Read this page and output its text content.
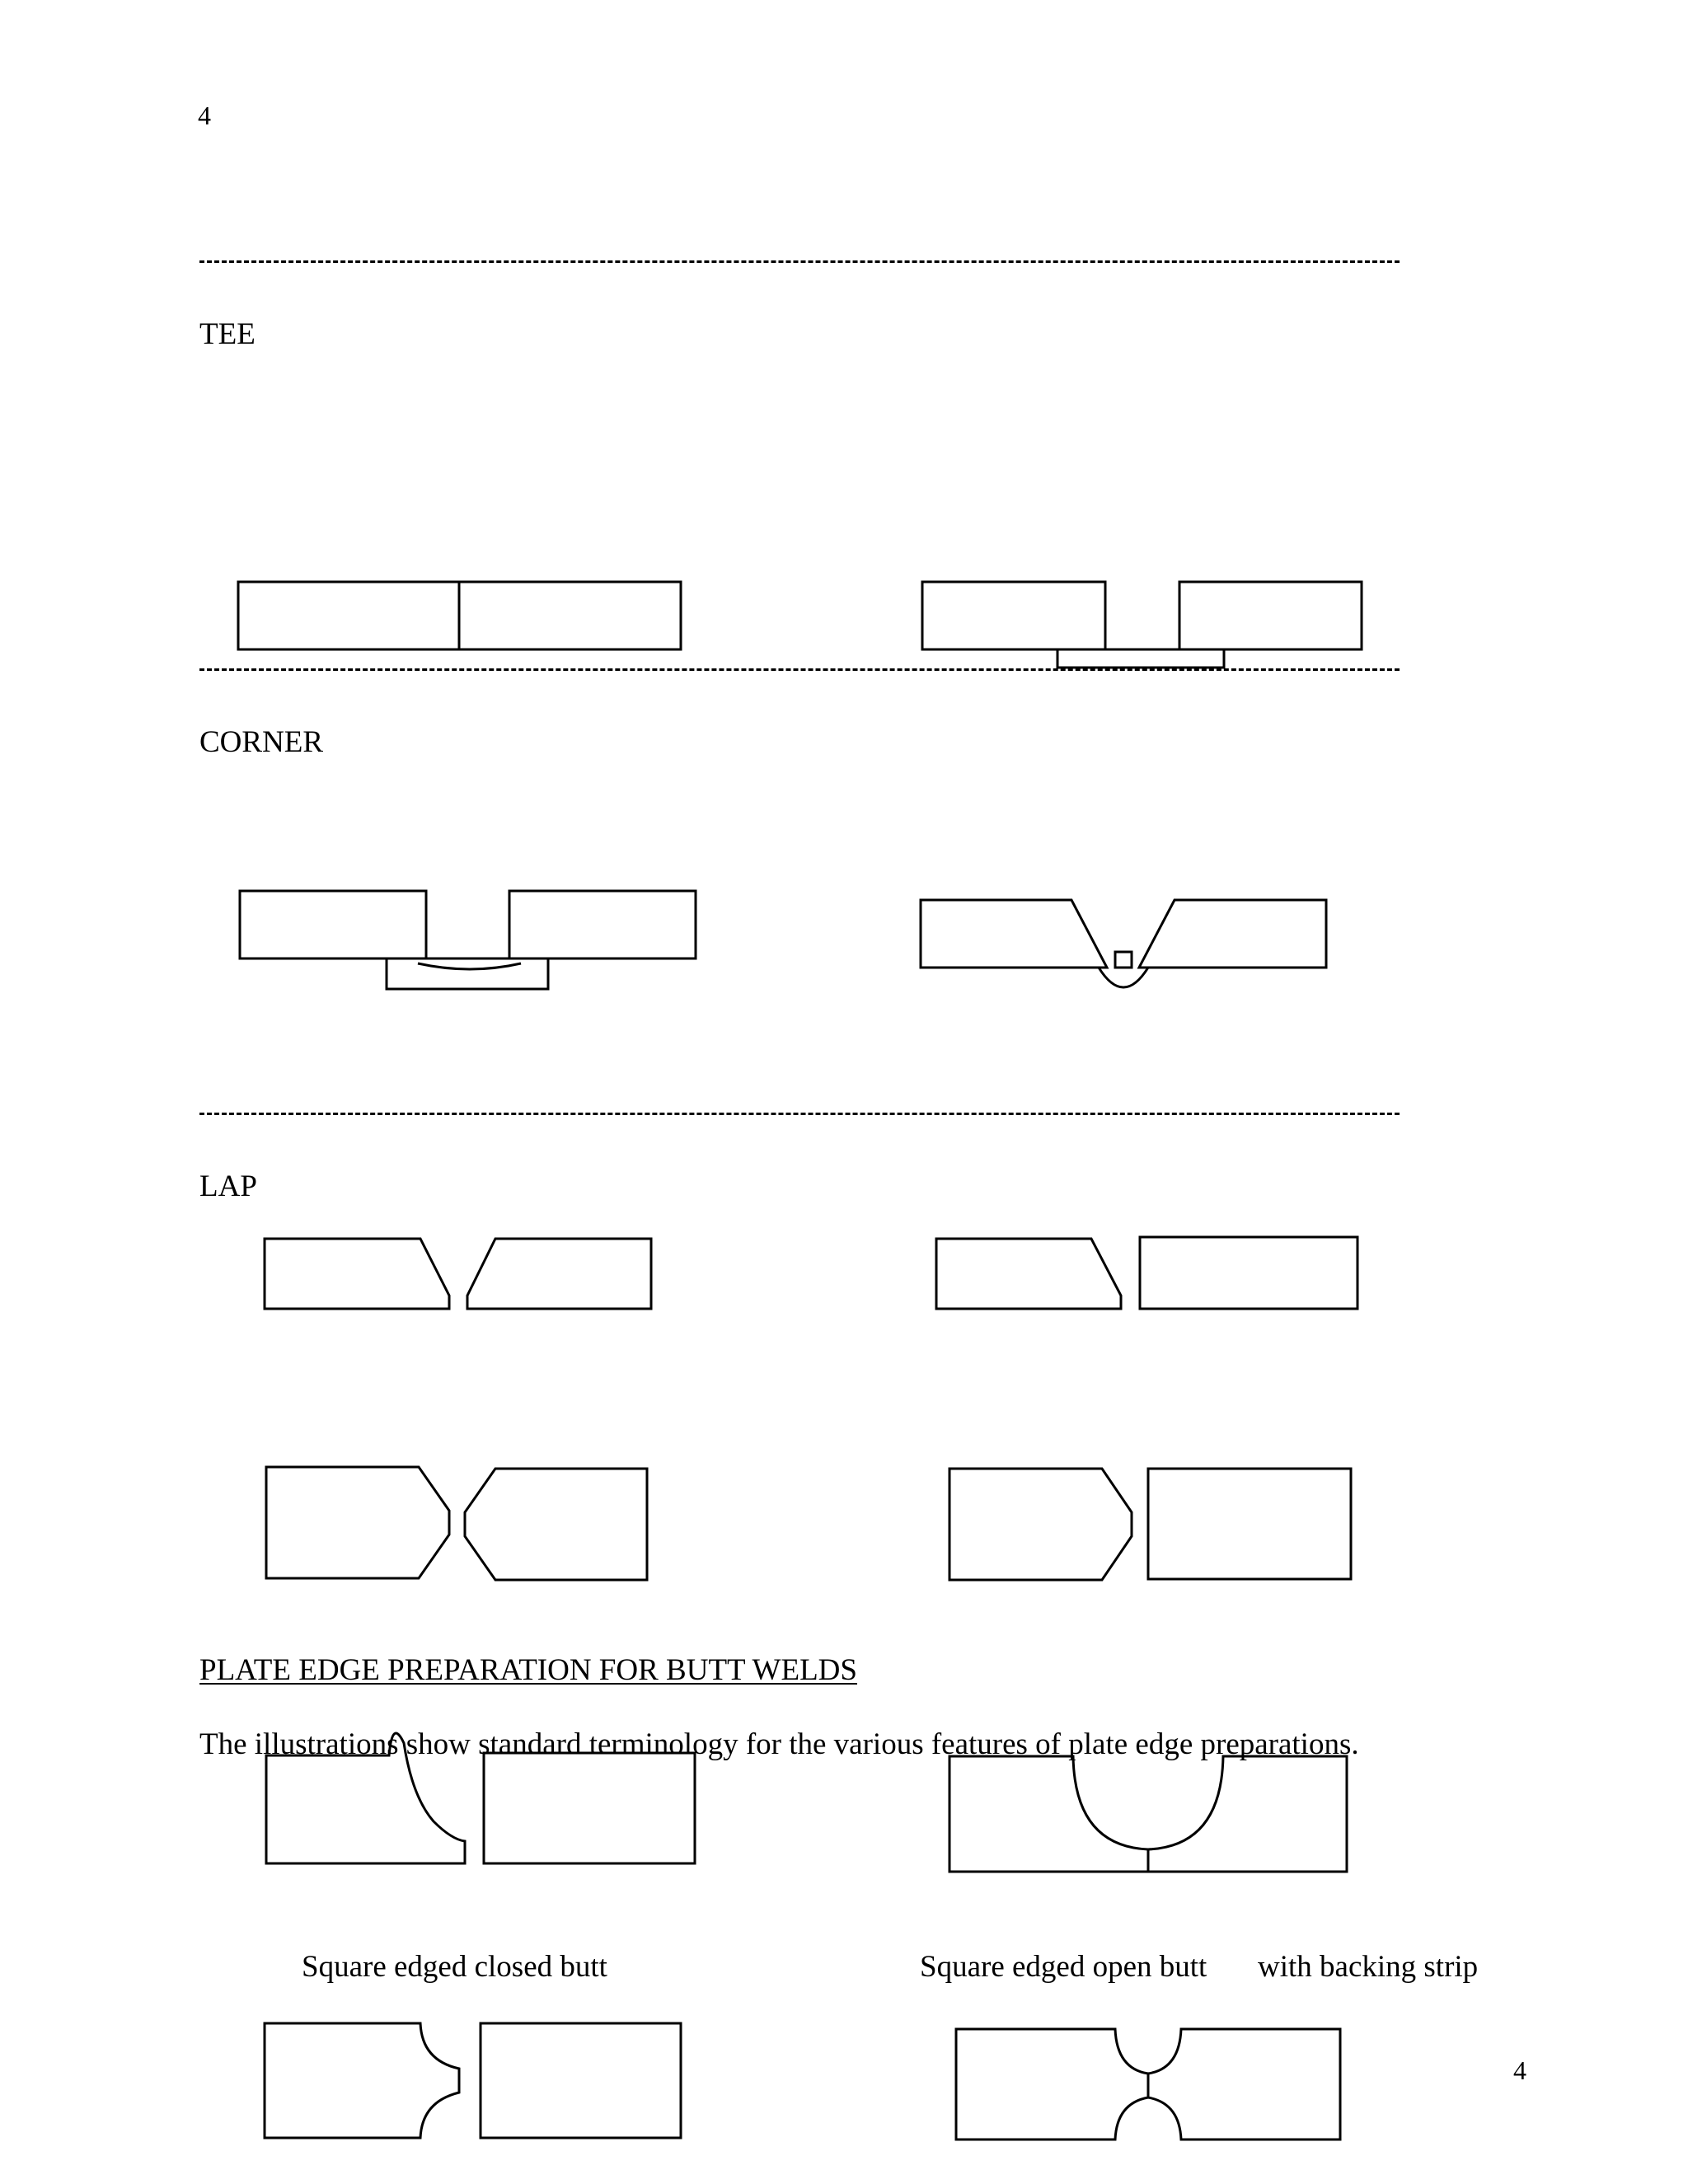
4
4
TEE
CORNER
LAP
PLATE EDGE PREPARATION FOR BUTT WELDS
The illustrations show standard terminology for the various features of plate edge preparations.
Square edged closed butt	Square edged open butt with backing strip
